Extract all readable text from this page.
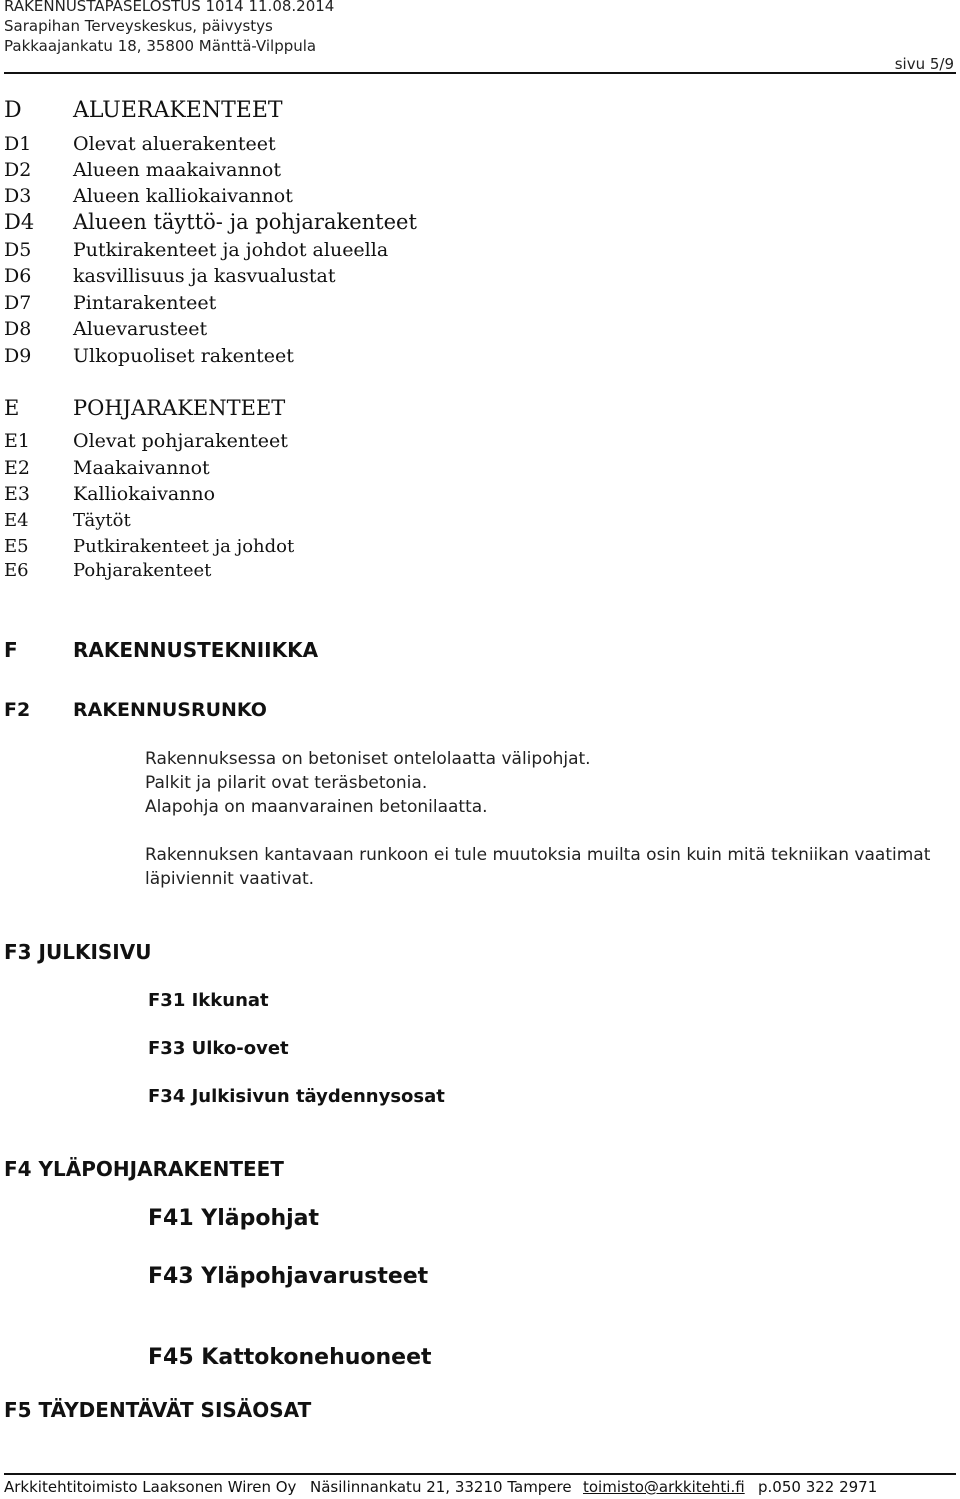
RAKENNUSTAPASELOSTUS 1014 11.08.2014
Sarapihan Terveyskeskus, päivystys
Pakkaajankatu 18, 35800 Mänttä-Vilppula
sivu 5/9
D ALUERAKENTEET
D1 Olevat aluerakenteet
D2 Alueen maakaivannot
D3 Alueen kalliokaivannot
D4 Alueen täyttö- ja pohjarakenteet
D5 Putkirakenteet ja johdot alueella
D6 kasvillisuus ja kasvualustat
D7 Pintarakenteet
D8 Aluevarusteet
D9 Ulkopuoliset rakenteet
E	POHJARAKENTEET
E1 Olevat pohjarakenteet
E2 Maakaivannot
E3 Kalliokaivanno
E4 Täytöt
E5 Putkirakenteet ja johdot
E6 Pohjarakenteet
F	RAKENNUSTEKNIIKKA
F2 RAKENNUSRUNKO
Rakennuksessa on betoniset ontelolaatta välipohjat.
Palkit ja pilarit ovat teräsbetonia.
Alapohja on maanvarainen betonilaatta.
Rakennuksen kantavaan runkoon ei tule muutoksia muilta osin kuin mitä tekniikan vaatimat
läpiviennit vaativat.
F3 JULKISIVU
F31 Ikkunat
F33 Ulko-ovet
F34 Julkisivun täydennysosat
F4 YLÄPOHJARAKENTEET
F41 Yläpohjat
F43 Yläpohjavarusteet
F45 Kattokonehuoneet
F5 TÄYDENTÄVÄT SISÄOSAT
Arkkitehtitoimisto Laaksonen Wiren Oy Näsilinnankatu 21, 33210 Tampere toimisto@arkkitehti.fi p.050 322 2971
